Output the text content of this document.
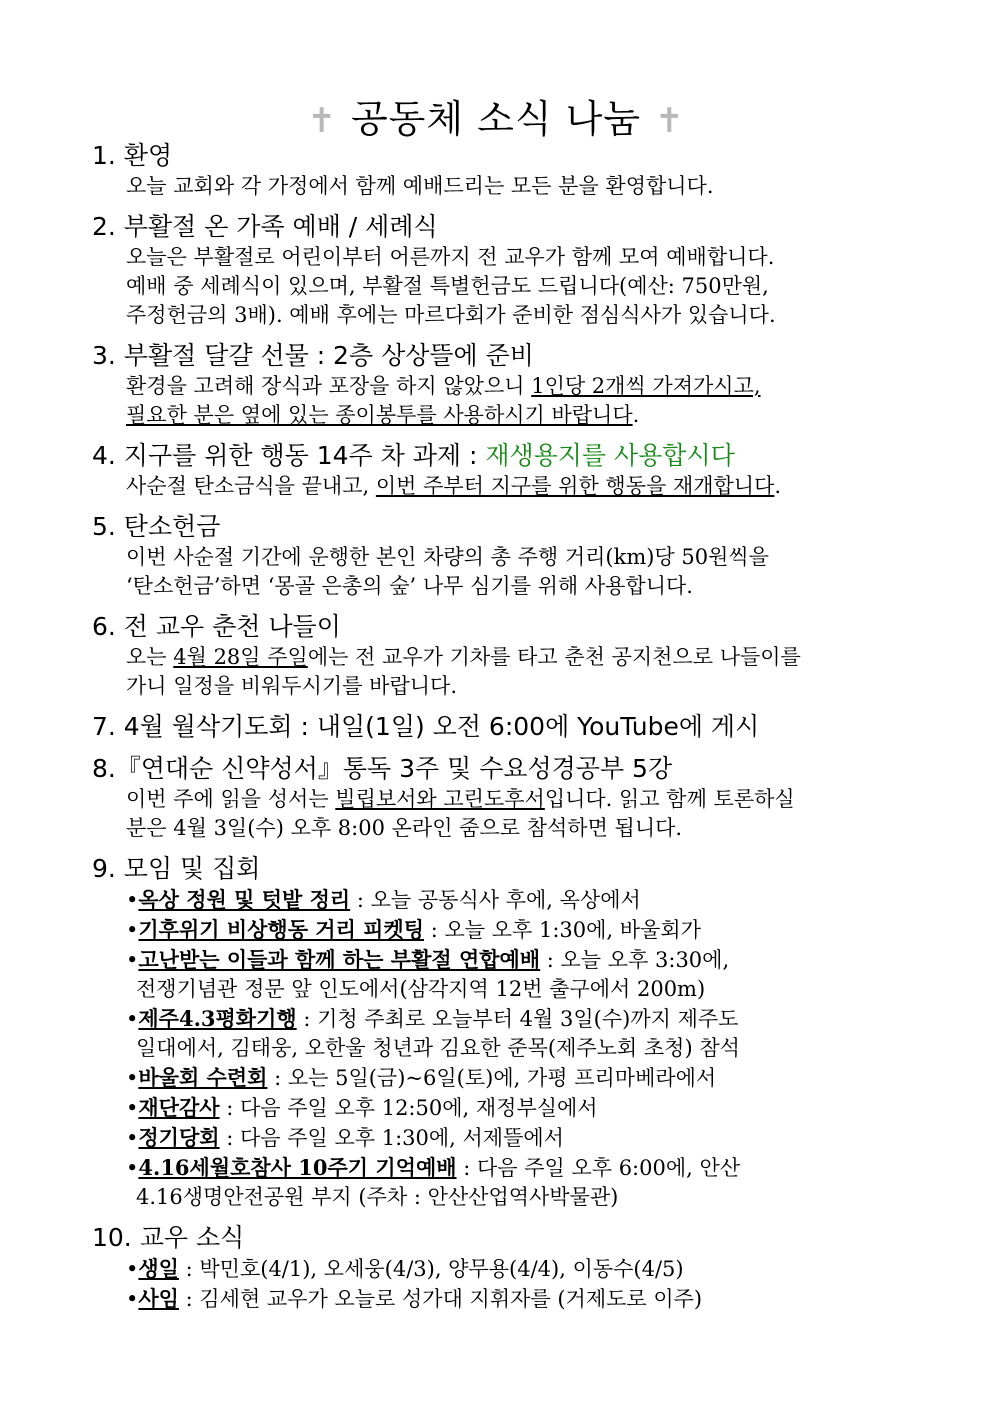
✝ 공동체 소식 나눔 ✝
1. 환영
오늘 교회와 각 가정에서 함께 예배드리는 모든 분을 환영합니다.
2. 부활절 온 가족 예배 / 세례식
오늘은 부활절로 어린이부터 어른까지 전 교우가 함께 모여 예배합니다.
예배 중 세례식이 있으며, 부활절 특별헌금도 드립니다(예산: 750만원,
주정헌금의 3배). 예배 후에는 마르다회가 준비한 점심식사가 있습니다.
3. 부활절 달걀 선물 : 2층 상상뜰에 준비
환경을 고려해 장식과 포장을 하지 않았으니 1인당 2개씩 가져가시고,
필요한 분은 옆에 있는 종이봉투를 사용하시기 바랍니다.
4. 지구를 위한 행동 14주 차 과제 : 재생용지를 사용합시다
사순절 탄소금식을 끝내고, 이번 주부터 지구를 위한 행동을 재개합니다.
5. 탄소헌금
이번 사순절 기간에 운행한 본인 차량의 총 주행 거리(km)당 50원씩을
‘탄소헌금’하면 ‘몽골 은총의 숲’ 나무 심기를 위해 사용합니다.
6. 전 교우 춘천 나들이
오는 4월 28일 주일에는 전 교우가 기차를 타고 춘천 공지천으로 나들이를
가니 일정을 비워두시기를 바랍니다.
7. 4월 월삭기도회 : 내일(1일) 오전 6:00에 YouTube에 게시
8.『연대순 신약성서』통독 3주 및 수요성경공부 5강
이번 주에 읽을 성서는 빌립보서와 고린도후서입니다. 읽고 함께 토론하실
분은 4월 3일(수) 오후 8:00 온라인 줌으로 참석하면 됩니다.
9. 모임 및 집회
•옥상 정원 및 텃밭 정리 : 오늘 공동식사 후에, 옥상에서
•기후위기 비상행동 거리 피켓팅 : 오늘 오후 1:30에, 바울회가
•고난받는 이들과 함께 하는 부활절 연합예배 : 오늘 오후 3:30에,
전쟁기념관 정문 앞 인도에서(삼각지역 12번 출구에서 200m)
•제주4.3평화기행 : 기청 주최로 오늘부터 4월 3일(수)까지 제주도
일대에서, 김태웅, 오한울 청년과 김요한 준목(제주노회 초청) 참석
•바울회 수련회 : 오는 5일(금)~6일(토)에, 가평 프리마베라에서
•재단감사 : 다음 주일 오후 12:50에, 재정부실에서
•정기당회 : 다음 주일 오후 1:30에, 서제뜰에서
•4.16세월호참사 10주기 기억예배 : 다음 주일 오후 6:00에, 안산
4.16생명안전공원 부지 (주차 : 안산산업역사박물관)
10. 교우 소식
•생일 : 박민호(4/1), 오세웅(4/3), 양무용(4/4), 이동수(4/5)
•사임 : 김세현 교우가 오늘로 성가대 지휘자를 (거제도로 이주)
